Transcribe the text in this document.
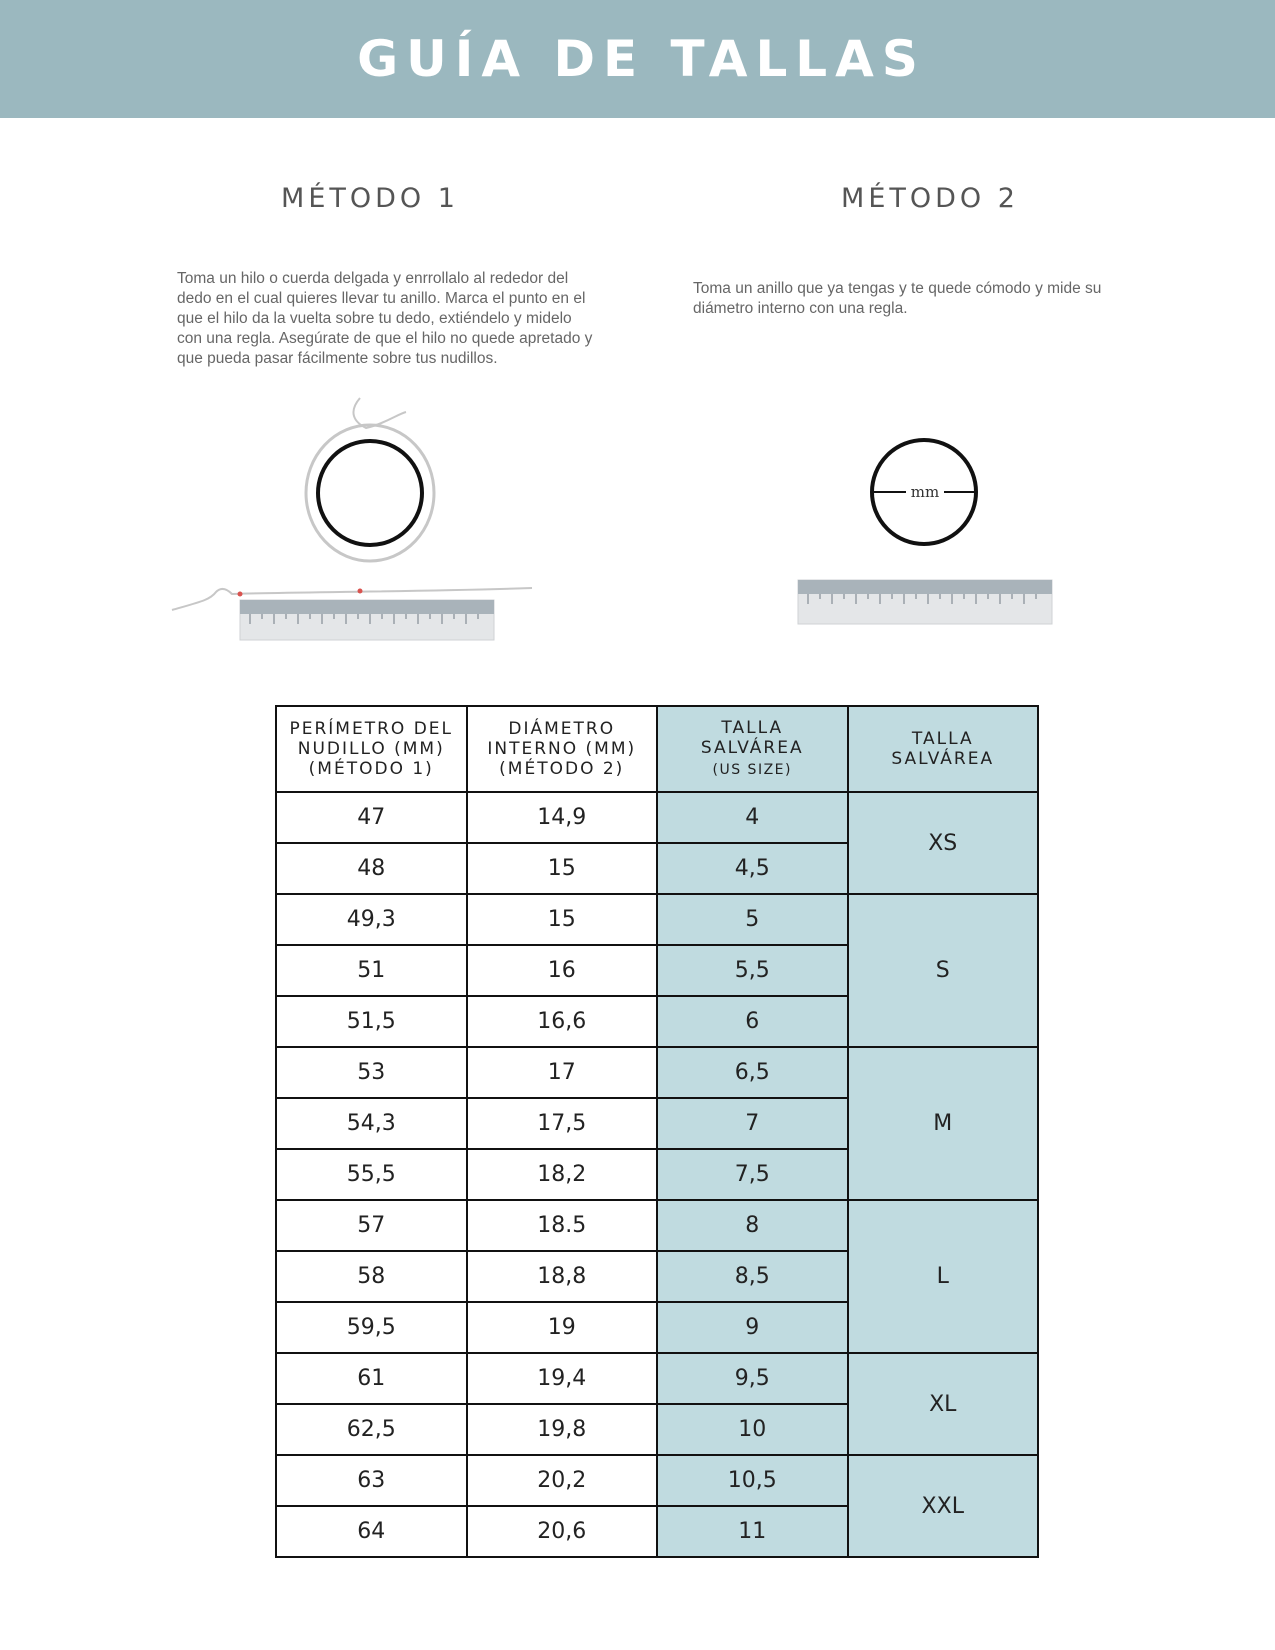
GUÍA DE TALLAS
MÉTODO 1	MÉTODO 2
Toma un hilo o cuerda delgada y enrrollalo al rededor del dedo en el cual quieres llevar tu anillo. Marca el punto en el que el hilo da la vuelta sobre tu dedo, extiéndelo y midelo con una regla. Asegúrate de que el hilo no quede apretado y que pueda pasar fácilmente sobre tus nudillos.
Toma un anillo que ya tengas y te quede cómodo y mide su diámetro interno con una regla.
mm
PERÍMETRO DEL
NUDILLO (MM)
(MÉTODO 1)	DIÁMETRO
INTERNO (MM)
(MÉTODO 2)	TALLA
SALVÁREA
(US SIZE)	TALLA
SALVÁREA

47	14,9	4	XS
48	15	4,5	
49,3	15	5	S
51	16	5,5	
51,5	16,6	6	
53	17	6,5	M
54,3	17,5	7	
55,5	18,2	7,5	
57	18.5	8	L
58	18,8	8,5	
59,5	19	9	
61	19,4	9,5	XL
62,5	19,8	10	
63	20,2	10,5	XXL
64	20,6	11	
